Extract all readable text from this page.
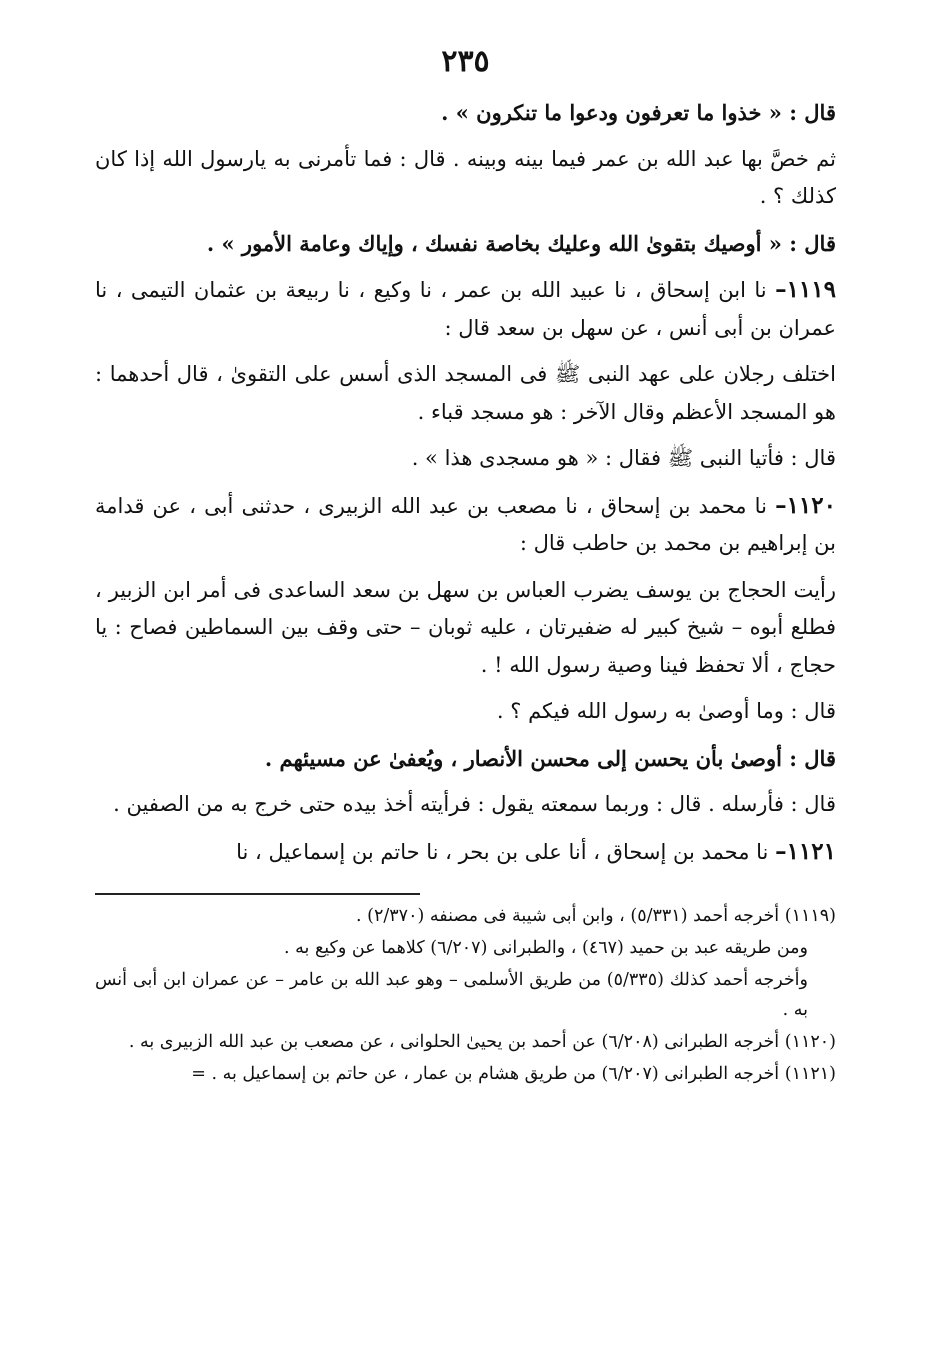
٢٣٥

قال : « خذوا ما تعرفون ودعوا ما تنكرون » .

ثم خصَّ بها عبد الله بن عمر فيما بينه وبينه . قال : فما تأمرنى به يارسول الله إذا كان كذلك ؟ .

قال : « أوصيك بتقوىٰ الله وعليك بخاصة نفسك ، وإياك وعامة الأمور » .

١١١٩– نا ابن إسحاق ، نا عبيد الله بن عمر ، نا وكيع ، نا ربيعة بن عثمان التيمى ، نا عمران بن أبى أنس ، عن سهل بن سعد قال :

اختلف رجلان على عهد النبى ﷺ فى المسجد الذى أسس على التقوىٰ ، قال أحدهما : هو المسجد الأعظم وقال الآخر : هو مسجد قباء .

قال : فأتيا النبى ﷺ فقال : « هو مسجدى هذا » .

١١٢٠– نا محمد بن إسحاق ، نا مصعب بن عبد الله الزبيرى ، حدثنى أبى ، عن قدامة بن إبراهيم بن محمد بن حاطب قال :

رأيت الحجاج بن يوسف يضرب العباس بن سهل بن سعد الساعدى فى أمر ابن الزبير ، فطلع أبوه – شيخ كبير له ضفيرتان ، عليه ثوبان – حتى وقف بين السماطين فصاح : يا حجاج ، ألا تحفظ فينا وصية رسول الله ! .

قال : وما أوصىٰ به رسول الله فيكم ؟ .

قال : أوصىٰ بأن يحسن إلى محسن الأنصار ، ويُعفىٰ عن مسيئهم .

قال : فأرسله . قال : وربما سمعته يقول : فرأيته أخذ بيده حتى خرج به من الصفين .

١١٢١– نا محمد بن إسحاق ، أنا على بن بحر ، نا حاتم بن إسماعيل ، نا

(١١١٩) أخرجه أحمد (٥/٣٣١) ، وابن أبى شيبة فى مصنفه (٢/٣٧٠) .

ومن طريقه عبد بن حميد (٤٦٧) ، والطبرانى (٦/٢٠٧) كلاهما عن وكيع به .

وأخرجه أحمد كذلك (٥/٣٣٥) من طريق الأسلمى – وهو عبد الله بن عامر – عن عمران ابن أبى أنس به .

(١١٢٠) أخرجه الطبرانى (٦/٢٠٨) عن أحمد بن يحيىٰ الحلوانى ، عن مصعب بن عبد الله الزبيرى به .

(١١٢١) أخرجه الطبرانى (٦/٢٠٧) من طريق هشام بن عمار ، عن حاتم بن إسماعيل به . =
